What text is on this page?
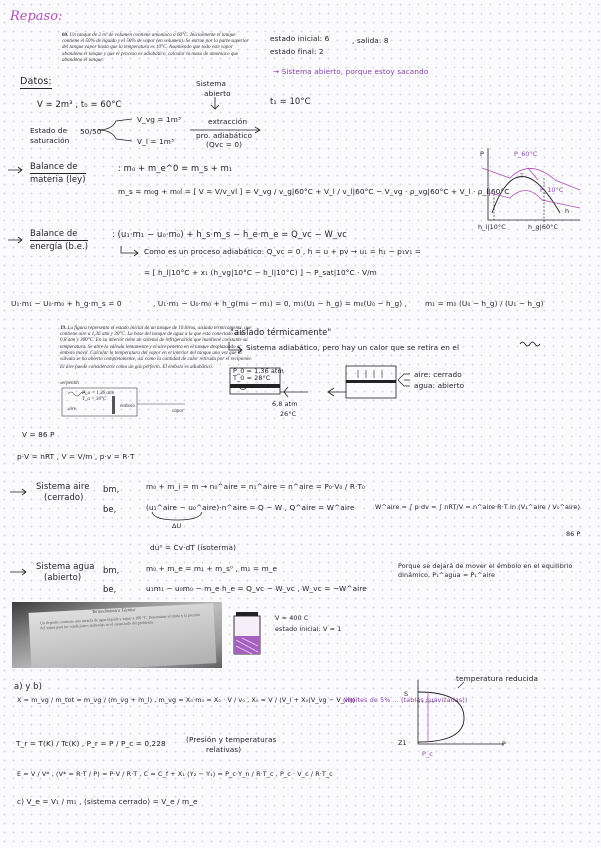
Repaso:
60. Un tanque de 2 m³ de volumen contiene amoniaco a 60°C. Inicialmente el tanque contiene el 50% de líquido y el 50% de vapor (en volumen). Se extrae por la parte superior del tanque vapor hasta que la temperatura es 10°C. Asumiendo que todo este vapor abandona el tanque y que el proceso es adiabático, calcular la masa de amoniaco que abandona el tanque.
estado inicial: 6	, salida: 8
estado final: 2
→ Sistema abierto, porque estoy sacando
Datos:
V = 2m³ , t₀ = 60°C	t₁ = 10°C
Sistema
abierto
Estado de
saturación
50/50
V_vg = 1m³
V_l = 1m³
extracción
pro. adiabático
(Qvc = 0)
Balance de
materia (ley)
: m₀ + m_e^0 = m_s + m₁
m_s = m₀g + m₀l = [ V = V/v_vl ] = V_vg / v_g|60°C + V_l / v_l|60°C − V_vg · ρ_vg|60°C + V_l · ρ_l|60°C
P	P_60°C
P_10°C
T
h
h_l|10°C	h_g|60°C
Balance de
energía (b.e.)
: (u₁·m₁ − u₀·m₀) + h_s·m_s − h_e·m_e = Q_vc − W_vc
Como es un proceso adiabático: Q_vc = 0 , h = u + pv → u₁ = h₁ − p₁v₁ =
= [ h_l|10°C + x₁ (h_vg|10°C − h_l|10°C) ] − P_sat|10°C · V/m
U₁·m₁ − U₀·m₀ + h_g·m_s = 0	, U₁·m₁ − U₀·m₀ + h_g(m₀ − m₁) = 0, m₁(U₁ − h_g) = m₀(U₀ − h_g) , m₁ = m₀ (U₀ − h_g) / (U₁ − h_g)
19. La figura representa el estado inicial de un tanque de 10 litros, aislado térmicamente, que contiene aire a 1,36 atm y 30°C. La base del tanque de agua a la que está conectado es de 0,8 atm y 300°C. En su interior tiene un sistema de refrigeración que mantiene constante su temperatura. Se abre la válvula lentamente y el aire penetra en el tanque desplazando el émbolo móvil. Calcular la temperatura del vapor en el interior del tanque una vez que la válvula se ha abierto completamente, así como la cantidad de calor retirada por el recipiente.
El aire puede considerarse como un gas perfecto. El émbolo es adiabático.
serpentín
P_a = 1,36 atm
T_a = 30°C
aire	émbolo
vapor
"aislado térmicamente"
Sistema adiabático, pero hay un calor que se retira en el
P_0 = 1,36 atm
T_0 = 28°C
6,8 atm
26°C
aire: cerrado
agua: abierto
V = 86 P
p·V = nRT , V = V/m , p·v = R·T
Sistema aire
(cerrado)
bm,
be,
m₀ + m_i = m → n₀^aire = n₁^aire = n^aire = P₀·V₀ / R·T₀
(u₁^aire − u₀^aire)·n^aire = Q − W , Q^aire = W^aire	W^aire = ∫ p·dv = ∫ nRT/V = n^aire·R·T ln (V₁^aire / V₀^aire)
86 P
ΔU
du⁰ = Cv·dT (isoterma)
Sistema agua
(abierto)
bm,
be,
m₀ + m_e = m₁ + m_s⁰ , m₁ = m_e
u₁m₁ − u₀m₀ − m_e h_e = Q_vc − W_vc , W_vc = −W^aire
Porque se dejará de mover el émbolo en el equilibrio dinámico, P₁^agua = P₁^aire
Termodinámica Técnica
Un depósito contiene una mezcla de agua líquida y vapor a 100 °C. Determinar el título y la presión del vapor para las condiciones indicadas en el enunciado del problema.
V = 400 C
estado inicial: V = 1
a) y b)
X = m_vg / m_tot = m_vg / (m_vg + m_l) , m_vg = X₀·m₀ = X₀ · V / v₀ , X₀ = V / (V_l + X₀(V_vg − V_vl))
(límites de 5% ... (tablas suavizadas))
temperatura reducida
S
Z1	P
P_c
T_r = T(K) / Tc(K) , P_r = P / P_c = 0,228	(Presión y temperaturas
relativas)
E = V / V* , (V* = R·T / P) = P·V / R·T , C = C_f + X₁ (Y₂ − Y₁) = P_c·Y_n / R·T_c , P_c · V_c / R·T_c
c) V_e = V₁ / m₁ , (sistema cerrado) = V_e / m_e
